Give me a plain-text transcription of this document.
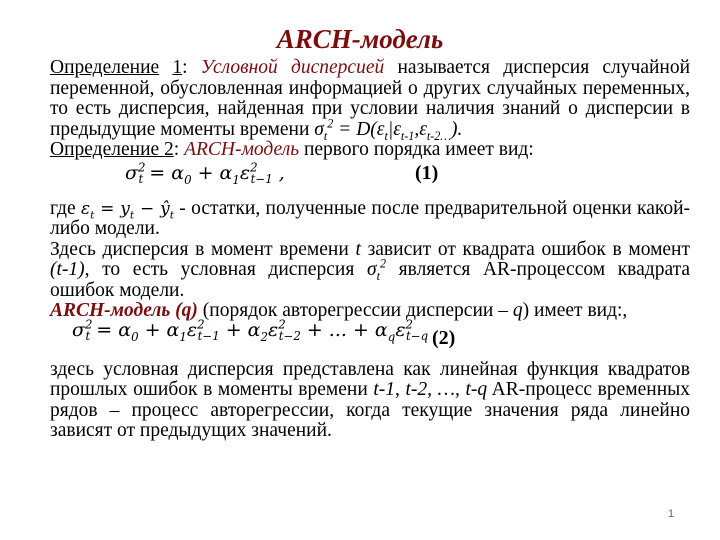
ARCH-модель

Определение 1: Условной дисперсией называется дисперсия случайной переменной, обусловленная информацией о других случайных переменных, то есть дисперсия, найденная при условии наличия знаний о дисперсии в предыдущие моменты времени $\sigma_t^2 = D(\varepsilon_t|\varepsilon_{t-1},\varepsilon_{t-2\dots})$.

Определение 2: ARCH-модель первого порядка имеет вид:

$\sigma^2_t = \alpha_0 + \alpha_1\varepsilon^2_{t-1}$ ,	(1)

где $\varepsilon_t = y_t$ − $ŷ_t$ - остатки, полученные после предварительной оценки какой-либо модели.

Здесь дисперсия в момент времени t зависит от квадрата ошибок в момент (t-1), то есть условная дисперсия $\sigma_t^2$ является AR-процессом квадрата ошибок модели.

ARCH-модель (q) (порядок авторегрессии дисперсии – q) имеет вид:,

$\sigma^2_t = \alpha_0 + \alpha_1\varepsilon^2_{t-1} + \alpha_2\varepsilon^2_{t-2}$ + ... + $\alpha_q\varepsilon^2_{t-q}$ (2)

здесь условная дисперсия представлена как линейная функция квадратов прошлых ошибок в моменты времени t-1, t-2, …, t-q AR-процесс временных рядов – процесс авторегрессии, когда текущие значения ряда линейно зависят от предыдущих значений.

1
